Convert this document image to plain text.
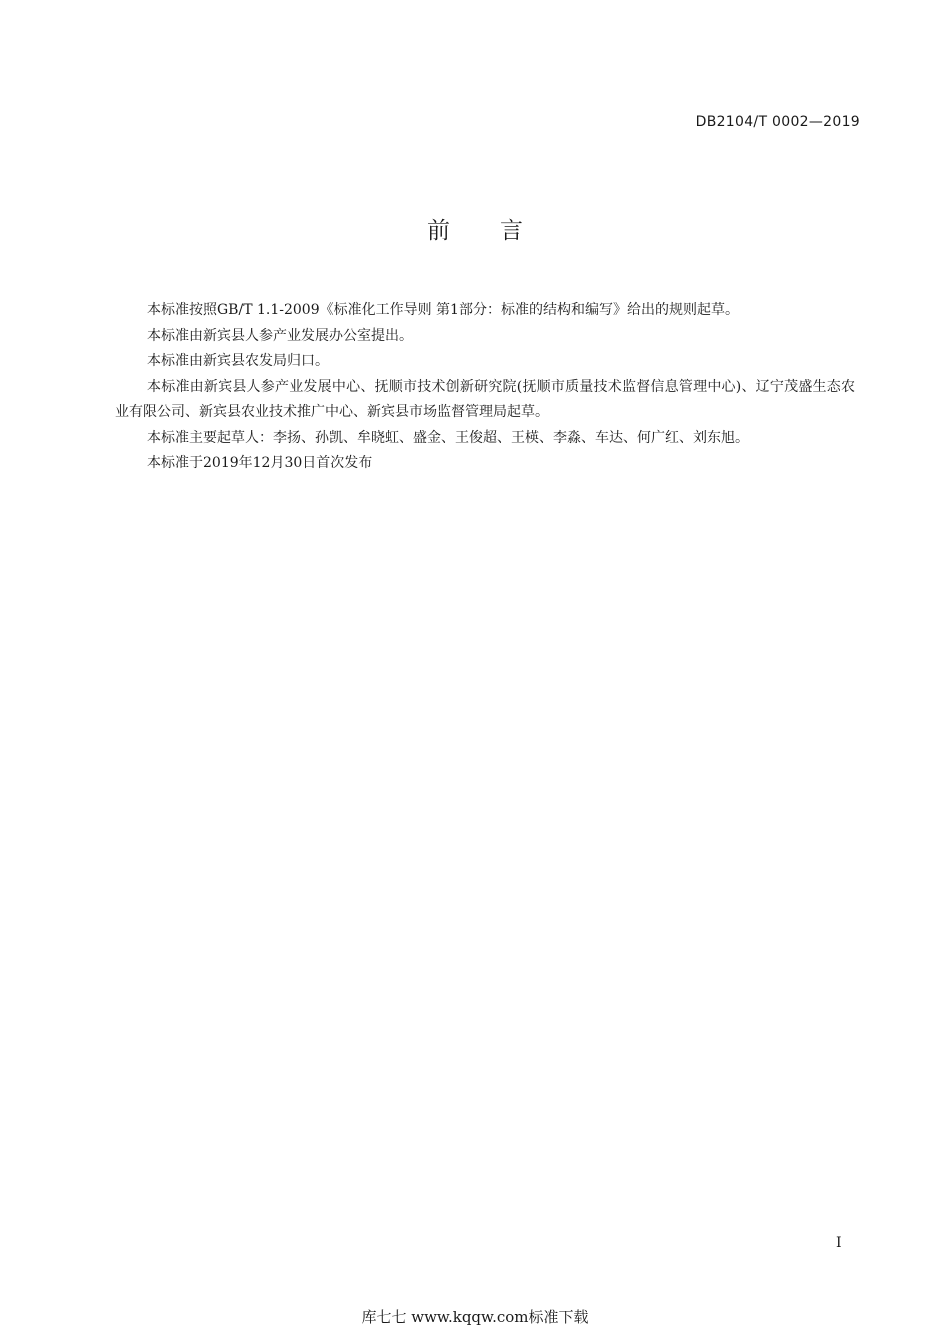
DB2104/T 0002—2019
前言

本标准按照GB/T 1.1-2009《标准化工作导则 第1部分：标准的结构和编写》给出的规则起草。

本标准由新宾县人参产业发展办公室提出。

本标准由新宾县农发局归口。

本标准由新宾县人参产业发展中心、抚顺市技术创新研究院(抚顺市质量技术监督信息管理中心)、辽宁茂盛生态农业有限公司、新宾县农业技术推广中心、新宾县市场监督管理局起草。

本标准主要起草人：李扬、孙凯、牟晓虹、盛金、王俊超、王楧、李淼、车达、何广红、刘东旭。

本标准于2019年12月30日首次发布

I
库七七 www.kqqw.com标准下载
